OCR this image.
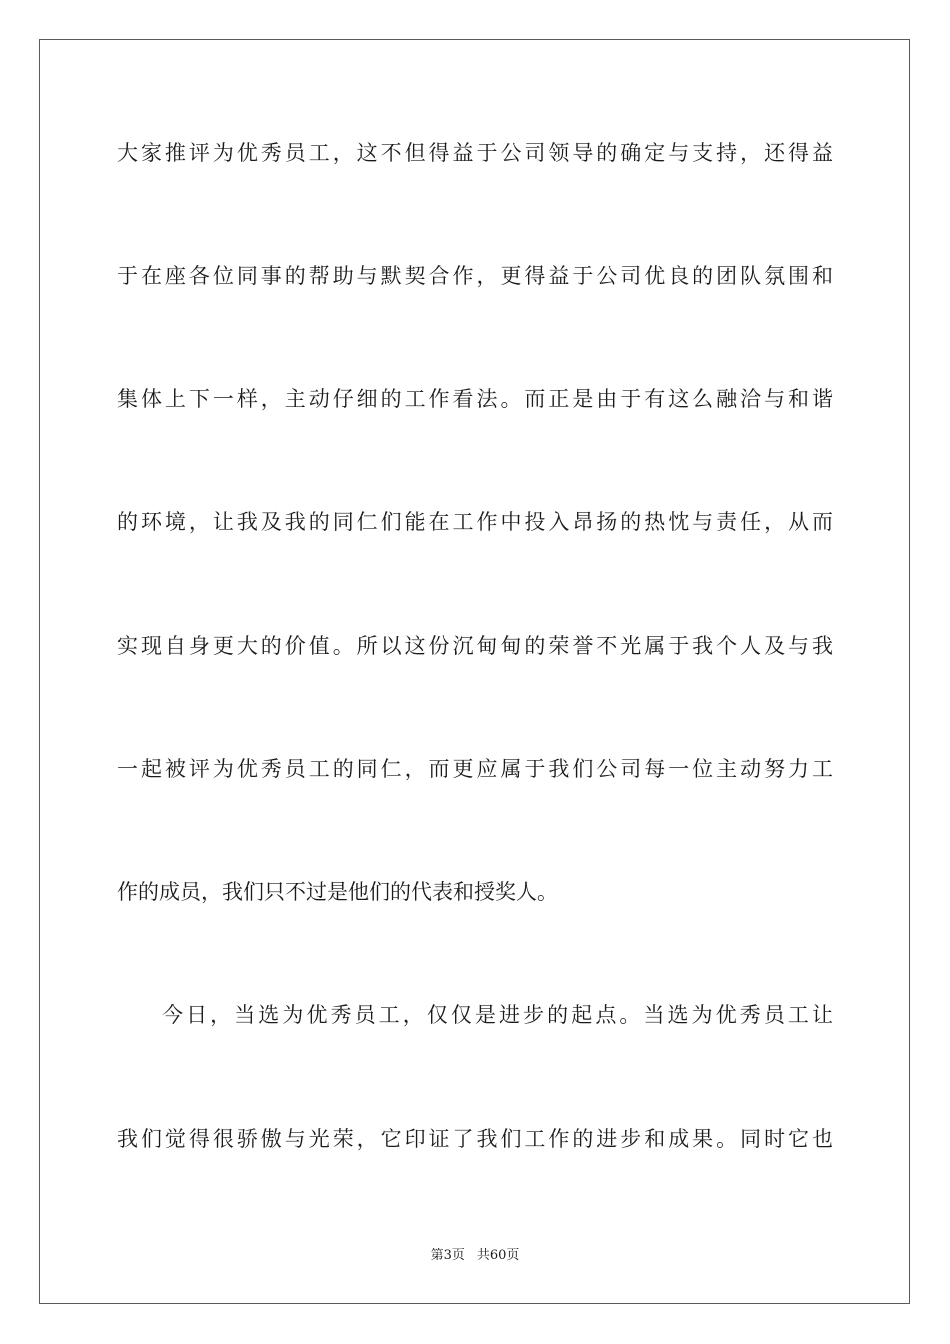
大家推评为优秀员工，这不但得益于公司领导的确定与支持，还得益
于在座各位同事的帮助与默契合作，更得益于公司优良的团队氛围和
集体上下一样，主动仔细的工作看法。而正是由于有这么融洽与和谐
的环境，让我及我的同仁们能在工作中投入昂扬的热忱与责任，从而
实现自身更大的价值。所以这份沉甸甸的荣誉不光属于我个人及与我
一起被评为优秀员工的同仁，而更应属于我们公司每一位主动努力工
作的成员，我们只不过是他们的代表和授奖人。
今日，当选为优秀员工，仅仅是进步的起点。当选为优秀员工让
我们觉得很骄傲与光荣，它印证了我们工作的进步和成果。同时它也
第3页 共60页
